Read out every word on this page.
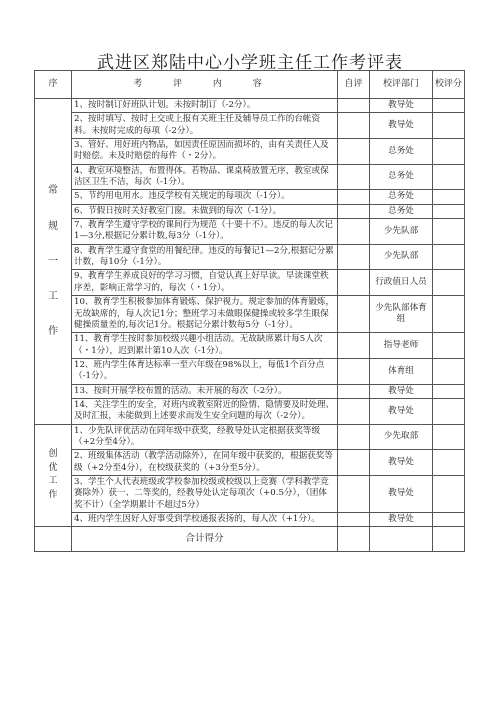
武进区郑陆中心小学班主任工作考评表
序	考 评 内 容	自评	校评部门	校评分

常
规
一
工
作	1、按时制订好班队计划。未按时制订（-2分）。		教导处	
	2、按时填写、按时上交或上报有关班主任及辅导员工作的台帐资料。未按时完成的每项（-2分）。		教导处	
	3、管好、用好班内物品，如因责任原因而损坏的，由有关责任人及时赔偿。未及时赔偿的每件（・2分）。		总务处	
	4、教室环境整洁，布置得体。若物品、课桌椅放置无序，教室或保洁区卫生不洁，每次（-1分）。		总务处	
	5、节约用电用水。违反学校有关规定的每项次（-1分）。		总务处	
	6、节假日按时关好教室门窗。未做到的每次（-1分）。		总务处	
	7、教育学生遵守学校的课间行为规范（十要十不）。违反的每人次记1—3分,根据记分累计数,每3分（-1分）。		少先队部	
	8、教育学生遵守食堂的用餐纪律。违反的每餐记1—2分,根据记分累计数，每10分（-1分）。		少先队部	
	9、教育学生养成良好的学习习惯，自觉认真上好早读。早读课堂秩序差，影响正常学习的，每次（・1分）。		行政值日人员	
	10、教育学生积极参加体育锻炼、保护视力。规定参加的体育锻炼，无故缺席的，每人次记1分；整班学习未做眼保健操或较多学生眼保健操质量差的,每次记1分。根据记分累计数每5分（-1分）。		少先队部体育组	
	11、教育学生按时参加校级兴趣小组活动。无故缺席累计每5人次（・1分），迟到累计第10人次（-1分）。		指导老师	
	12、班内学生体育达标率一至六年级在98%以上，每低1个百分点（-1分）。		体育组	
	13、按时开展学校布置的活动。未开展的每次（-2分）。		教导处	
	14、关注学生的安全，对班内或教室附近的险情、隐情要及时处理、及时汇报，未能做到上述要求而发生安全问题的每次（-2分）。		教导处	

创
优
工
作	1、少先队评优活动在同年级中获奖，经教导处认定根据获奖等级（+2分至4分）。		少先取部	
	2、班级集体活动（教学活动除外），在同年级中获奖的，根据获奖等级（+2分至4分），在校级获奖的（+3分至5分）。		教导处	
	3、学生个人代表班级或学校参加校级或校级以上竞赛（学科教学竞赛除外）获一、二等奖的，经教导处认定每项次（+0.5分），（团体奖不计）（全学期累计不超过5分）		教导处	
	4、班内学生因好人好事受到学校通报表扬的，每人次（+1分）。		教导处	
	合计得分			
